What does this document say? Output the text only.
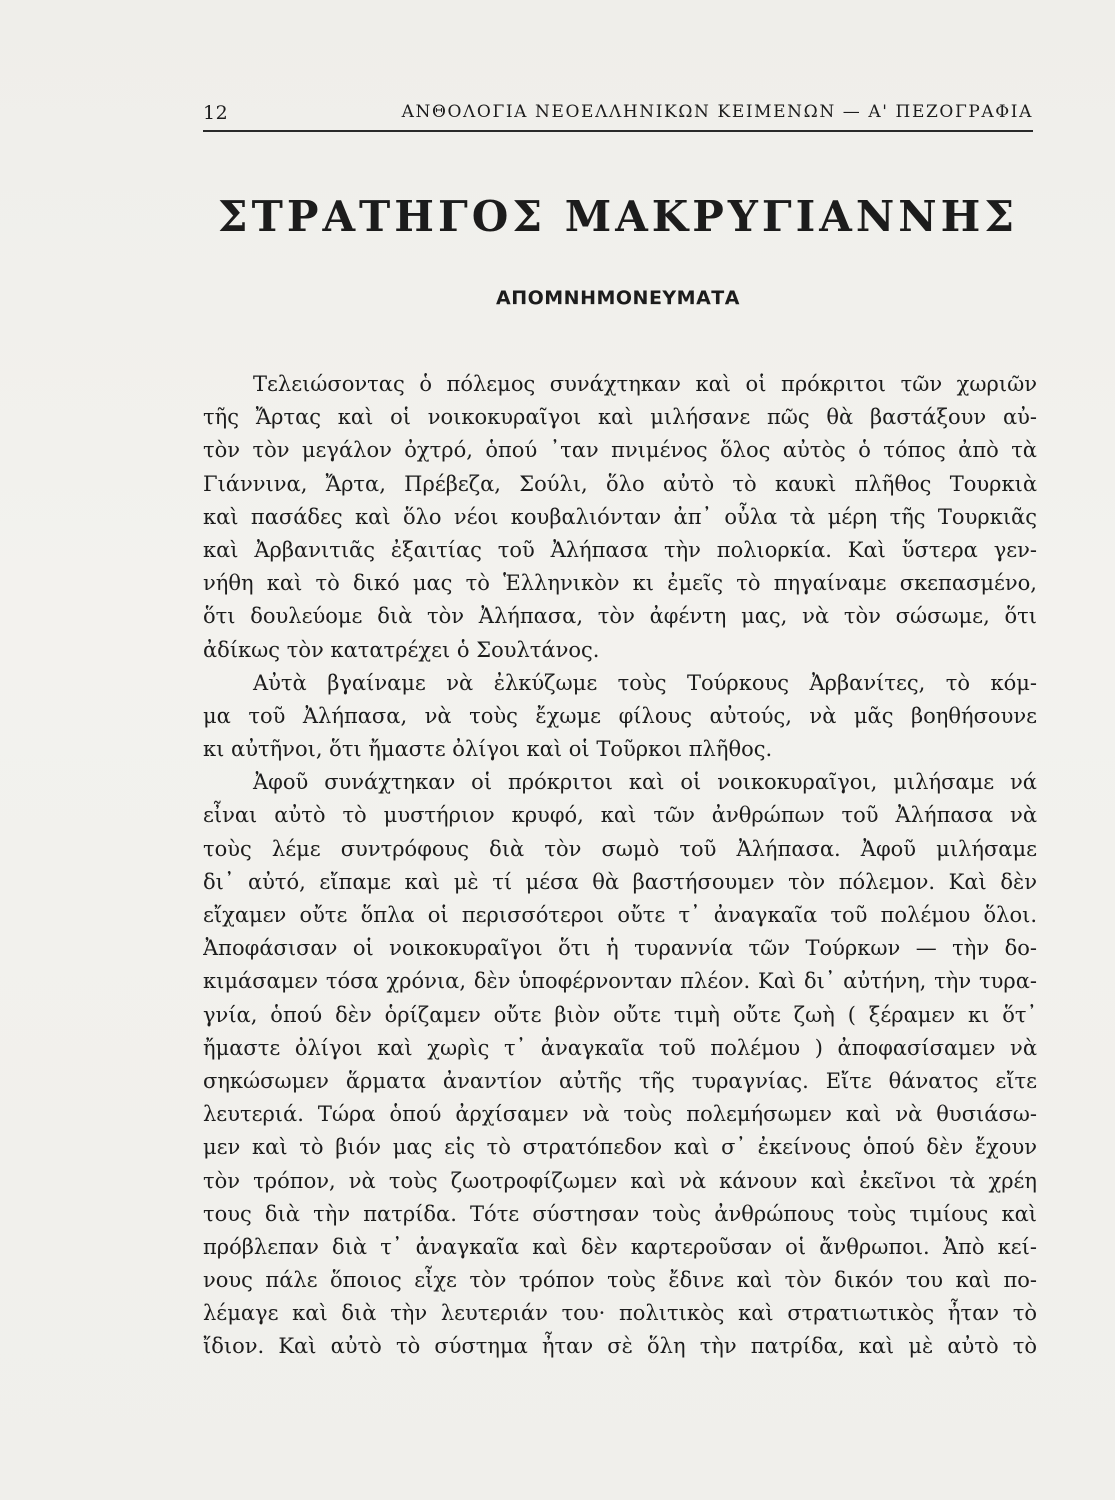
12	ΑΝΘΟΛΟΓΙΑ ΝΕΟΕΛΛΗΝΙΚΩΝ ΚΕΙΜΕΝΩΝ — Α' ΠΕΖΟΓΡΑΦΙΑ
ΣΤΡΑΤΗΓΟΣ ΜΑΚΡΥΓΙΑΝΝΗΣ
ΑΠΟΜΝΗΜΟΝΕΥΜΑΤΑ
Τελειώσοντας ὁ πόλεμος συνάχτηκαν καὶ οἱ πρόκριτοι τῶν χωριῶν
τῆς Ἄρτας καὶ οἱ νοικοκυραῖγοι καὶ μιλήσανε πῶς θὰ βαστάξουν αὐ-
τὸν τὸν μεγάλον ὀχτρό, ὁπού ᾽ταν πνιμένος ὅλος αὐτὸς ὁ τόπος ἀπὸ τὰ
Γιάννινα, Ἄρτα, Πρέβεζα, Σούλι, ὅλο αὐτὸ τὸ καυκὶ πλῆθος Τουρκιὰ
καὶ πασάδες καὶ ὅλο νέοι κουβαλιόνταν ἀπ᾽ οὖλα τὰ μέρη τῆς Τουρκιᾶς
καὶ Ἀρβανιτιᾶς ἐξαιτίας τοῦ Ἀλήπασα τὴν πολιορκία. Καὶ ὕστερα γεν-
νήθη καὶ τὸ δικό μας τὸ Ἑλληνικὸν κι ἐμεῖς τὸ πηγαίναμε σκεπασμένο,
ὅτι δουλεύομε διὰ τὸν Ἀλήπασα, τὸν ἀφέντη μας, νὰ τὸν σώσωμε, ὅτι
ἀδίκως τὸν κατατρέχει ὁ Σουλτάνος.
Αὐτὰ βγαίναμε νὰ ἐλκύζωμε τοὺς Τούρκους Ἀρβανίτες, τὸ κόμ-
μα τοῦ Ἀλήπασα, νὰ τοὺς ἔχωμε φίλους αὐτούς, νὰ μᾶς βοηθήσουνε
κι αὐτῆνοι, ὅτι ἤμαστε ὀλίγοι καὶ οἱ Τοῦρκοι πλῆθος.
Ἀφοῦ συνάχτηκαν οἱ πρόκριτοι καὶ οἱ νοικοκυραῖγοι, μιλήσαμε νά
εἶναι αὐτὸ τὸ μυστήριον κρυφό, καὶ τῶν ἀνθρώπων τοῦ Ἀλήπασα νὰ
τοὺς λέμε συντρόφους διὰ τὸν σωμὸ τοῦ Ἀλήπασα. Ἀφοῦ μιλήσαμε
δι᾽ αὐτό, εἴπαμε καὶ μὲ τί μέσα θὰ βαστήσουμεν τὸν πόλεμον. Καὶ δὲν
εἴχαμεν οὔτε ὅπλα οἱ περισσότεροι οὔτε τ᾽ ἀναγκαῖα τοῦ πολέμου ὅλοι.
Ἀποφάσισαν οἱ νοικοκυραῖγοι ὅτι ἡ τυραννία τῶν Τούρκων — τὴν δο-
κιμάσαμεν τόσα χρόνια, δὲν ὑποφέρνονταν πλέον. Καὶ δι᾽ αὐτήνη, τὴν τυρα-
γνία, ὁπού δὲν ὁρίζαμεν οὔτε βιὸν οὔτε τιμὴ οὔτε ζωὴ ( ξέραμεν κι ὅτ᾽
ἤμαστε ὀλίγοι καὶ χωρὶς τ᾽ ἀναγκαῖα τοῦ πολέμου ) ἀποφασίσαμεν νὰ
σηκώσωμεν ἅρματα ἀναντίον αὐτῆς τῆς τυραγνίας. Εἴτε θάνατος εἴτε
λευτεριά. Τώρα ὁπού ἀρχίσαμεν νὰ τοὺς πολεμήσωμεν καὶ νὰ θυσιάσω-
μεν καὶ τὸ βιόν μας εἰς τὸ στρατόπεδον καὶ σ᾽ ἐκείνους ὁπού δὲν ἔχουν
τὸν τρόπον, νὰ τοὺς ζωοτροφίζωμεν καὶ νὰ κάνουν καὶ ἐκεῖνοι τὰ χρέη
τους διὰ τὴν πατρίδα. Τότε σύστησαν τοὺς ἀνθρώπους τοὺς τιμίους καὶ
πρόβλεπαν διὰ τ᾽ ἀναγκαῖα καὶ δὲν καρτεροῦσαν οἱ ἄνθρωποι. Ἀπὸ κεί-
νους πάλε ὅποιος εἶχε τὸν τρόπον τοὺς ἔδινε καὶ τὸν δικόν του καὶ πο-
λέμαγε καὶ διὰ τὴν λευτεριάν του· πολιτικὸς καὶ στρατιωτικὸς ἦταν τὸ
ἴδιον. Καὶ αὐτὸ τὸ σύστημα ἦταν σὲ ὅλη τὴν πατρίδα, καὶ μὲ αὐτὸ τὸ
